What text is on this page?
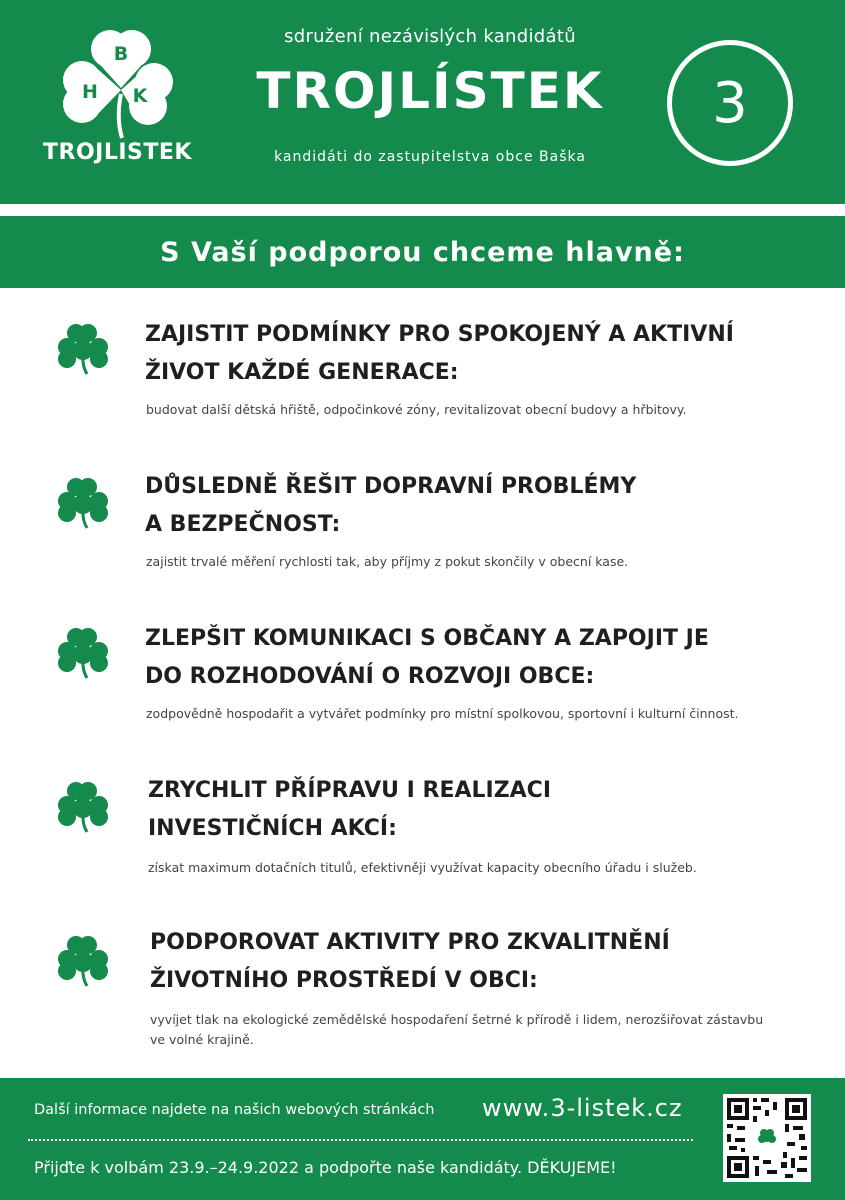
B
H K
TROJLISTEK
sdružení nezávislých kandidátů
TROJLÍSTEK
kandidáti do zastupitelstva obce Baška
3
S Vaší podporou chceme hlavně:
ZAJISTIT PODMÍNKY PRO SPOKOJENÝ A AKTIVNÍ
ŽIVOT KAŽDÉ GENERACE:
budovat další dětská hřiště, odpočinkové zóny, revitalizovat obecní budovy a hřbitovy.
DŮSLEDNĚ ŘEŠIT DOPRAVNÍ PROBLÉMY
A BEZPEČNOST:
zajistit trvalé měření rychlosti tak, aby příjmy z pokut skončily v obecní kase.
ZLEPŠIT KOMUNIKACI S OBČANY A ZAPOJIT JE
DO ROZHODOVÁNÍ O ROZVOJI OBCE:
zodpovědně hospodařit a vytvářet podmínky pro místní spolkovou, sportovní i kulturní činnost.
ZRYCHLIT PŘÍPRAVU I REALIZACI
INVESTIČNÍCH AKCÍ:
získat maximum dotačních titulů, efektivněji využívat kapacity obecního úřadu i služeb.
PODPOROVAT AKTIVITY PRO ZKVALITNĚNÍ
ŽIVOTNÍHO PROSTŘEDÍ V OBCI:
vyvíjet tlak na ekologické zemědělské hospodaření šetrné k přírodě i lidem, nerozšiřovat zástavbu ve volné krajině.
Další informace najdete na našich webových stránkách www.3-listek.cz
Přijďte k volbám 23.9.–24.9.2022 a podpořte naše kandidáty. DĚKUJEME!
